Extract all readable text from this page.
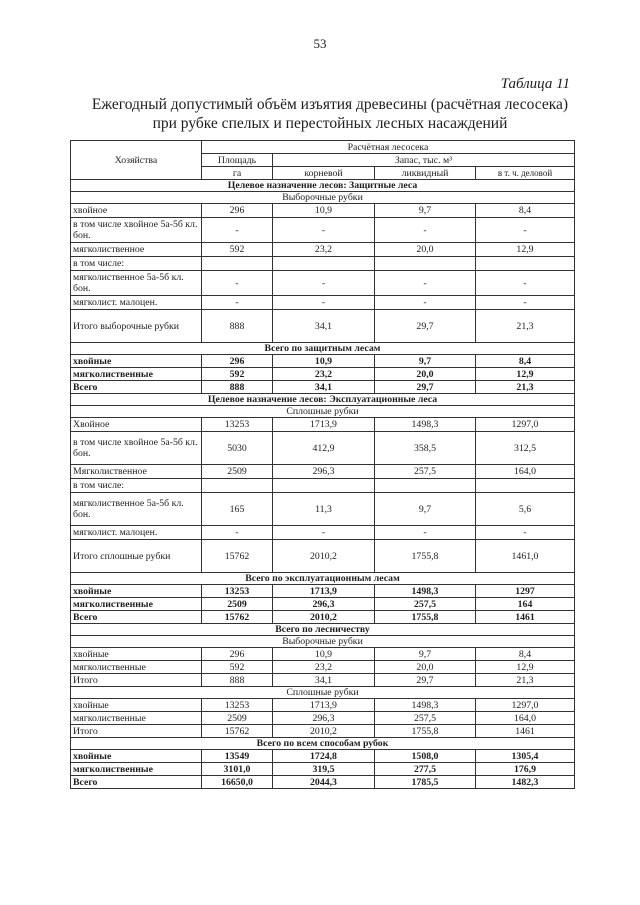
53
Таблица 11
Ежегодный допустимый объём изъятия древесины (расчётная лесосека)
при рубке спелых и перестойных лесных насаждений
Хозяйства	Расчётная лесосека			
	Площадь	Запас, тыс. м³		
	га	корневой	ликвидный	в т. ч. деловой
Целевое назначение лесов: Защитные леса				
Выборочные рубки				
хвойное	296	10,9	9,7	8,4
в том числе хвойное 5а-5б кл. бон.	-	-	-	-
мягколиственное	592	23,2	20,0	12,9
в том числе:				
мягколиственное 5а-5б кл. бон.	-	-	-	-
мягколист. малоцен.	-	-	-	-
Итого выборочные рубки	888	34,1	29,7	21,3
Всего по защитным лесам				
хвойные	296	10,9	9,7	8,4
мягколиственные	592	23,2	20,0	12,9
Всего	888	34,1	29,7	21,3
Целевое назначение лесов: Эксплуатационные леса				
Сплошные рубки				
Хвойное	13253	1713,9	1498,3	1297,0
в том числе хвойное 5а-5б кл. бон.	5030	412,9	358,5	312,5
Мягколиственное	2509	296,3	257,5	164,0
в том числе:				
мягколиственное 5а-5б кл. бон.	165	11,3	9,7	5,6
мягколист. малоцен.	-	-	-	-
Итого сплошные рубки	15762	2010,2	1755,8	1461,0
Всего по эксплуатационным лесам				
хвойные	13253	1713,9	1498,3	1297
мягколиственные	2509	296,3	257,5	164
Всего	15762	2010,2	1755,8	1461
Всего по лесничеству				
Выборочные рубки				
хвойные	296	10,9	9,7	8,4
мягколиственные	592	23,2	20,0	12,9
Итого	888	34,1	29,7	21,3
Сплошные рубки				
хвойные	13253	1713,9	1498,3	1297,0
мягколиственные	2509	296,3	257,5	164,0
Итого	15762	2010,2	1755,8	1461
Всего по всем способам рубок				
хвойные	13549	1724,8	1508,0	1305,4
мягколиственные	3101,0	319,5	277,5	176,9
Всего	16650,0	2044,3	1785,5	1482,3
